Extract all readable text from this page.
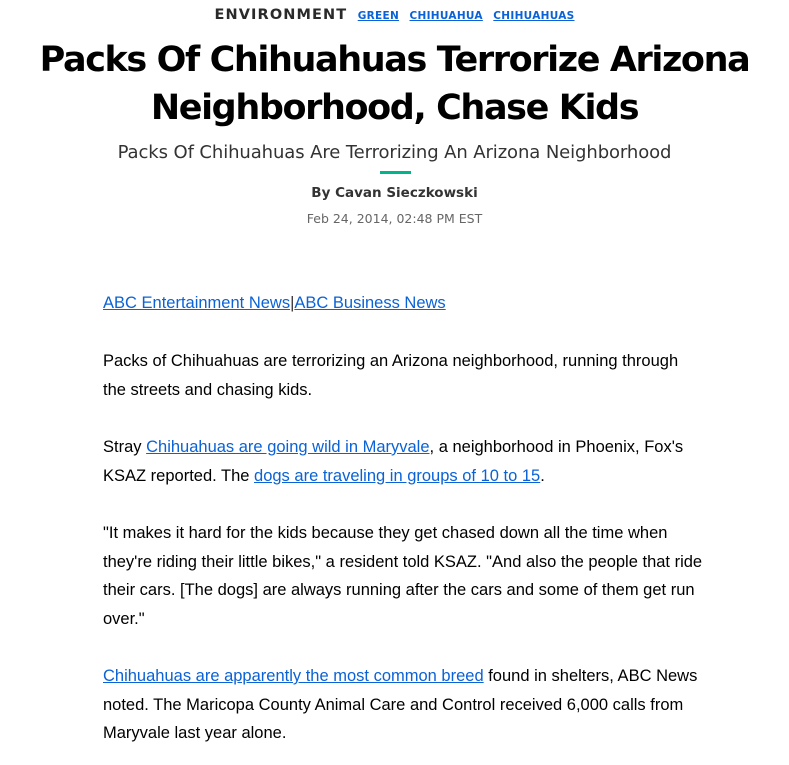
ENVIRONMENT GREEN CHIHUAHUA CHIHUAHUAS
Packs Of Chihuahuas Terrorize Arizona
Neighborhood, Chase Kids
Packs Of Chihuahuas Are Terrorizing An Arizona Neighborhood
By Cavan Sieczkowski
Feb 24, 2014, 02:48 PM EST
ABC Entertainment News|ABC Business News

Packs of Chihuahuas are terrorizing an Arizona neighborhood, running through the streets and chasing kids.

Stray Chihuahuas are going wild in Maryvale, a neighborhood in Phoenix, Fox's KSAZ reported. The dogs are traveling in groups of 10 to 15.

"It makes it hard for the kids because they get chased down all the time when they're riding their little bikes," a resident told KSAZ. "And also the people that ride their cars. [The dogs] are always running after the cars and some of them get run over."

Chihuahuas are apparently the most common breed found in shelters, ABC News noted. The Maricopa County Animal Care and Control received 6,000 calls from Maryvale last year alone.
